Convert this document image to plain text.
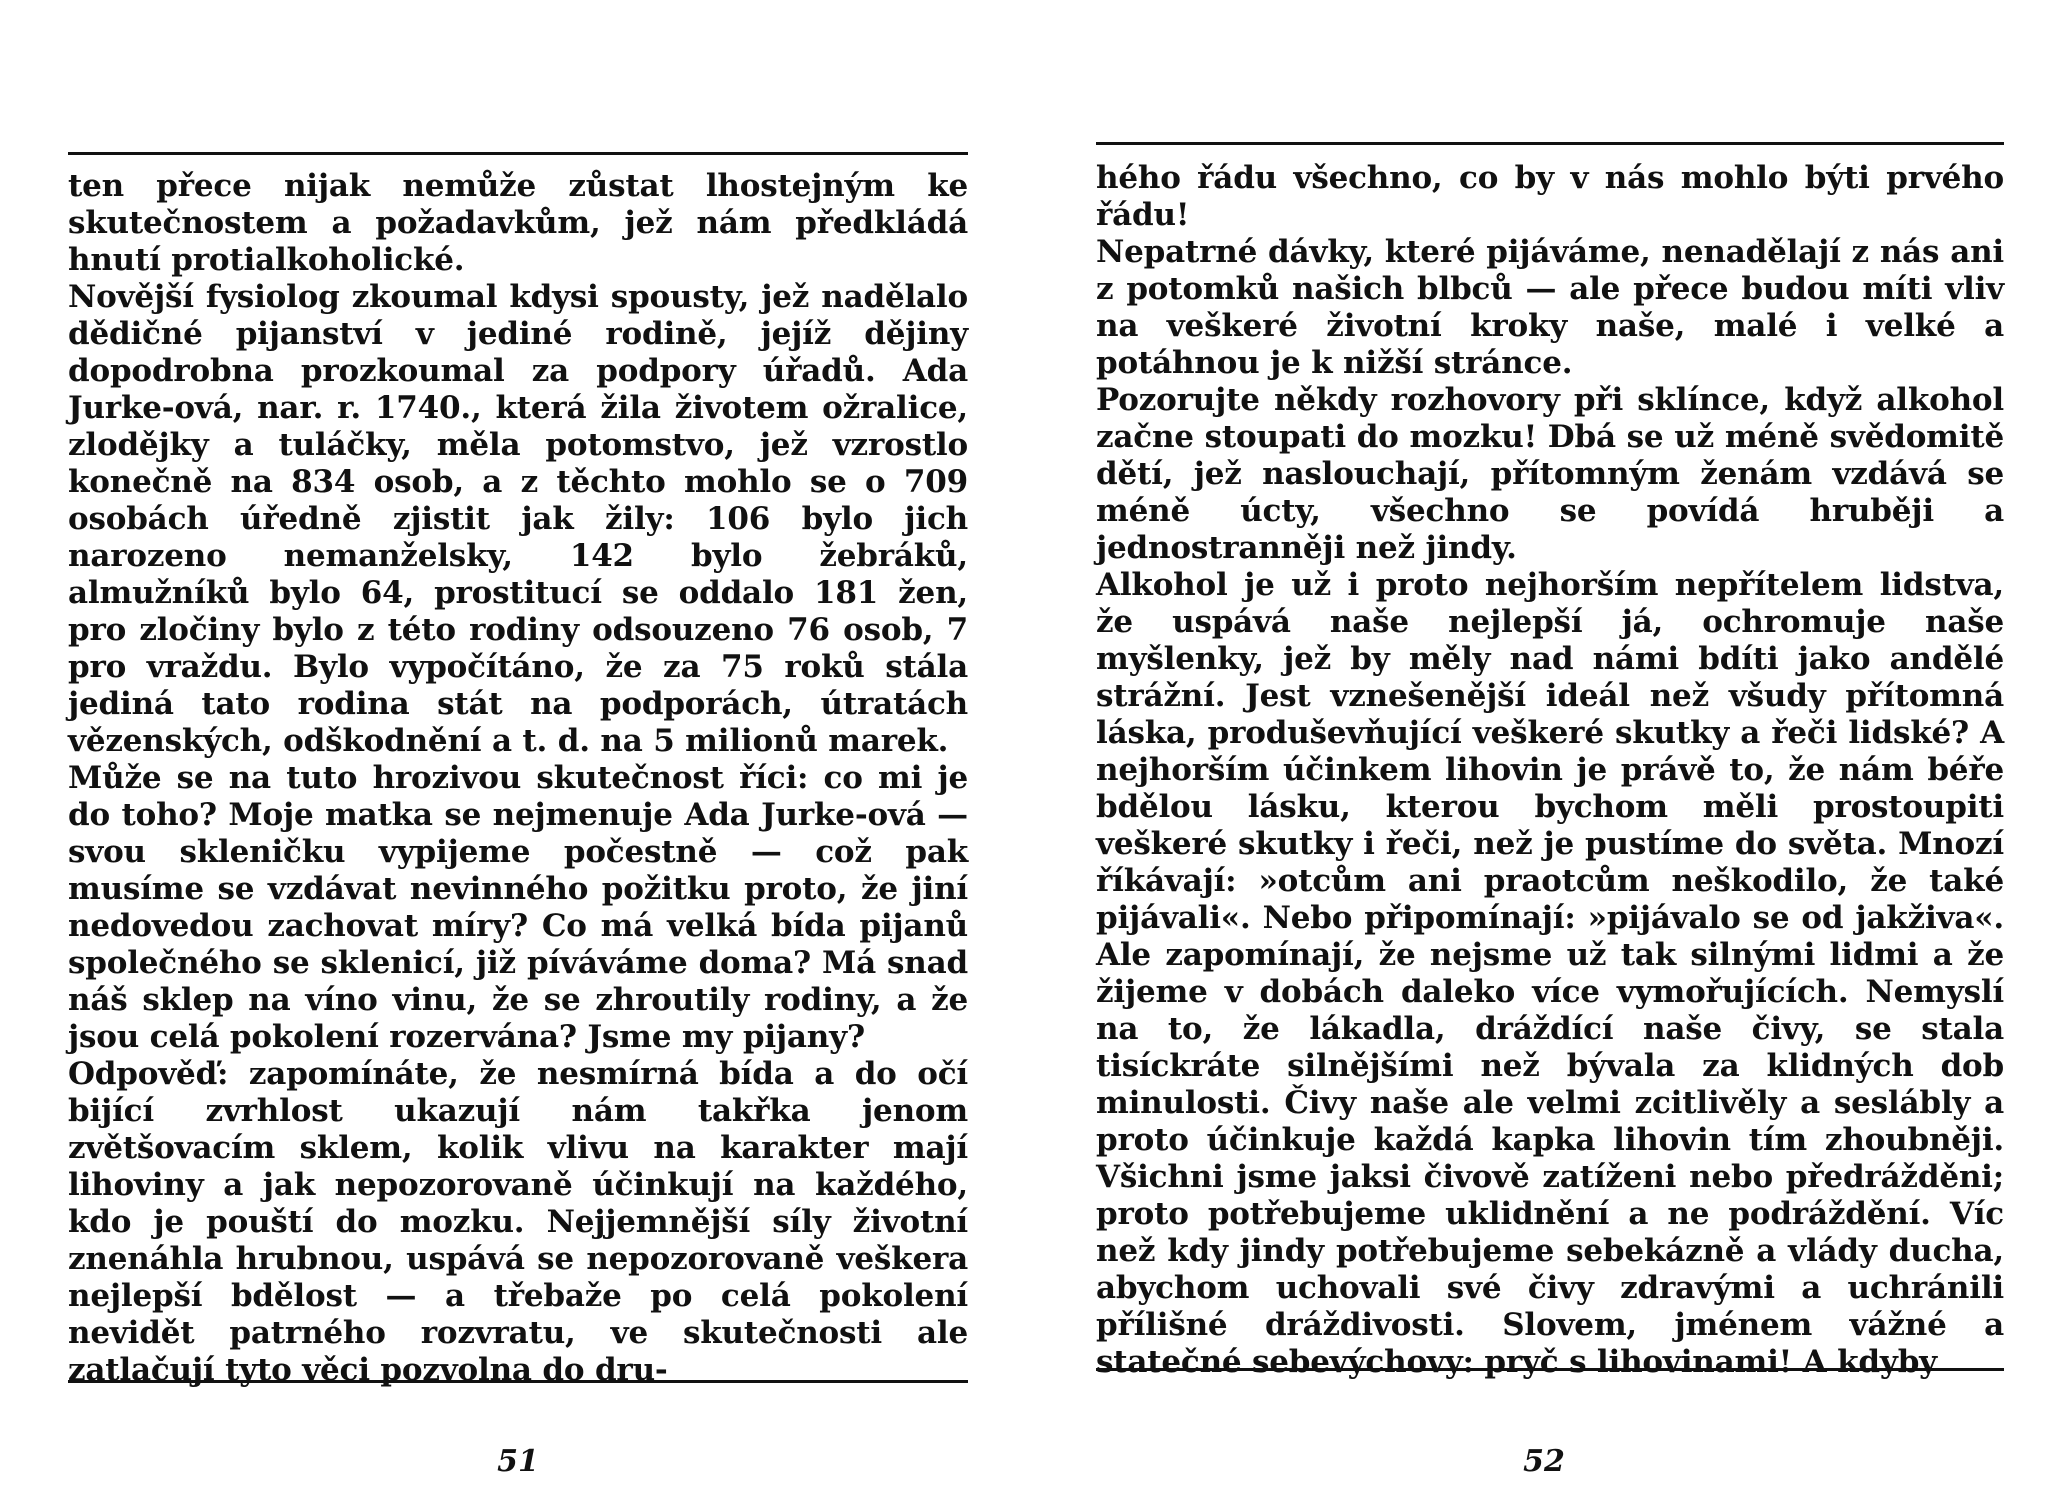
ten přece nijak nemůže zůstat lhostejným ke skutečnostem a požadavkům, jež nám předkládá hnutí protialkoholické.

Novější fysiolog zkoumal kdysi spousty, jež nadělalo dědičné pijanství v jediné rodině, jejíž dějiny dopodrobna prozkoumal za podpory úřadů. Ada Jurke-ová, nar. r. 1740., která žila životem ožralice, zlodějky a tuláčky, měla potomstvo, jež vzrostlo konečně na 834 osob, a z těchto mohlo se o 709 osobách úředně zjistit jak žily: 106 bylo jich narozeno nemanželsky, 142 bylo žebráků, almužníků bylo 64, prostitucí se oddalo 181 žen, pro zločiny bylo z této rodiny odsouzeno 76 osob, 7 pro vraždu. Bylo vypočítáno, že za 75 roků stála jediná tato rodina stát na podporách, útratách vězenských, odškodnění a t. d. na 5 milionů marek.

Může se na tuto hrozivou skutečnost říci: co mi je do toho? Moje matka se nejmenuje Ada Jurke-ová — svou skleničku vypijeme počestně — což pak musíme se vzdávat nevinného požitku proto, že jiní nedovedou zachovat míry? Co má velká bída pijanů společného se sklenicí, již píváváme doma? Má snad náš sklep na víno vinu, že se zhroutily rodiny, a že jsou celá pokolení rozervána? Jsme my pijany?

Odpověď: zapomínáte, že nesmírná bída a do očí bijící zvrhlost ukazují nám takřka jenom zvětšovacím sklem, kolik vlivu na karakter mají lihoviny a jak nepozorovaně účinkují na každého, kdo je pouští do mozku. Nejjemnější síly životní znenáhla hrubnou, uspává se nepozorovaně veškera nejlepší bdělost — a třebaže po celá pokolení nevidět patrného rozvratu, ve skutečnosti ale zatlačují tyto věci pozvolna do dru-

51

hého řádu všechno, co by v nás mohlo býti prvého řádu!

Nepatrné dávky, které pijáváme, nenadělají z nás ani z potomků našich blbců — ale přece budou míti vliv na veškeré životní kroky naše, malé i velké a potáhnou je k nižší stránce.

Pozorujte někdy rozhovory při sklínce, když alkohol začne stoupati do mozku! Dbá se už méně svědomitě dětí, jež naslouchají, přítomným ženám vzdává se méně úcty, všechno se povídá hruběji a jednostranněji než jindy.

Alkohol je už i proto nejhorším nepřítelem lidstva, že uspává naše nejlepší já, ochromuje naše myšlenky, jež by měly nad námi bdíti jako andělé strážní. Jest vznešenější ideál než všudy přítomná láska, produševňující veškeré skutky a řeči lidské? A nejhorším účinkem lihovin je právě to, že nám béře bdělou lásku, kterou bychom měli prostoupiti veškeré skutky i řeči, než je pustíme do světa. Mnozí říkávají: »otcům ani praotcům neškodilo, že také pijávali«. Nebo připomínají: »pijávalo se od jakživa«. Ale zapomínají, že nejsme už tak silnými lidmi a že žijeme v dobách daleko více vymořujících. Nemyslí na to, že lákadla, dráždící naše čivy, se stala tisíckráte silnějšími než bývala za klidných dob minulosti. Čivy naše ale velmi zcitlivěly a seslábly a proto účinkuje každá kapka lihovin tím zhoubněji. Všichni jsme jaksi čivově zatíženi nebo předrážděni; proto potřebujeme uklidnění a ne podráždění. Víc než kdy jindy potřebujeme sebekázně a vlády ducha, abychom uchovali své čivy zdravými a uchránili přílišné dráždivosti. Slovem, jménem vážné a statečné sebevýchovy: pryč s lihovinami! A kdyby

52
